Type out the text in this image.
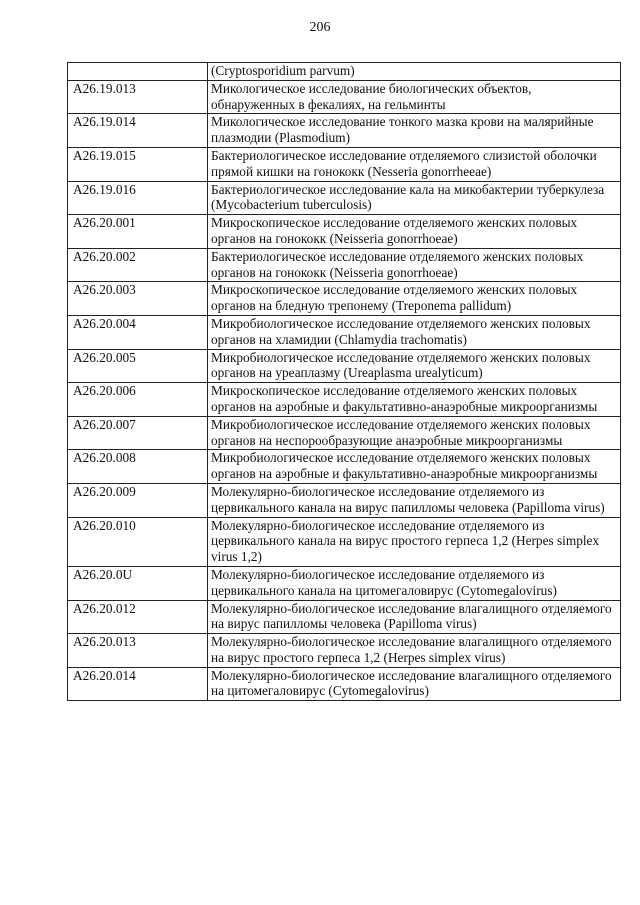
206
	(Cryptosporidium parvum)
A26.19.013	Микологическое исследование биологических объектов, обнаруженных в фекалиях, на гельминты
A26.19.014	Микологическое исследование тонкого мазка крови на малярийные плазмодии (Plasmodium)
A26.19.015	Бактериологическое исследование отделяемого слизистой оболочки прямой кишки на гонококк (Nesseria gonorrheeae)
A26.19.016	Бактериологическое исследование кала на микобактерии туберкулеза (Mycobacterium tuberculosis)
A26.20.001	Микроскопическое исследование отделяемого женских половых органов на гонококк (Neisseria gonorrhoeae)
A26.20.002	Бактериологическое исследование отделяемого женских половых органов на гонококк (Neisseria gonorrhoeae)
A26.20.003	Микроскопическое исследование отделяемого женских половых органов на бледную трепонему (Treponema pallidum)
A26.20.004	Микробиологическое исследование отделяемого женских половых органов на хламидии (Chlamydia trachomatis)
A26.20.005	Микробиологическое исследование отделяемого женских половых органов на уреаплазму (Ureaplasma urealyticum)
A26.20.006	Микроскопическое исследование отделяемого женских половых органов на аэробные и факультативно-анаэробные микроорганизмы
A26.20.007	Микробиологическое исследование отделяемого женских половых органов на неспорообразующие анаэробные микроорганизмы
A26.20.008	Микробиологическое исследование отделяемого женских половых органов на аэробные и факультативно-анаэробные микроорганизмы
A26.20.009	Молекулярно-биологическое исследование отделяемого из цервикального канала на вирус папилломы человека (Papilloma virus)
A26.20.010	Молекулярно-биологическое исследование отделяемого из цервикального канала на вирус простого герпеса 1,2 (Herpes simplex virus 1,2)
A26.20.0U	Молекулярно-биологическое исследование отделяемого из цервикального канала на цитомегаловирус (Cytomegalovirus)
A26.20.012	Молекулярно-биологическое исследование влагалищного отделяемого на вирус папилломы человека (Papilloma virus)
A26.20.013	Молекулярно-биологическое исследование влагалищного отделяемого на вирус простого герпеса 1,2 (Herpes simplex virus)
A26.20.014	Молекулярно-биологическое исследование влагалищного отделяемого на цитомегаловирус (Cytomegalovirus)
